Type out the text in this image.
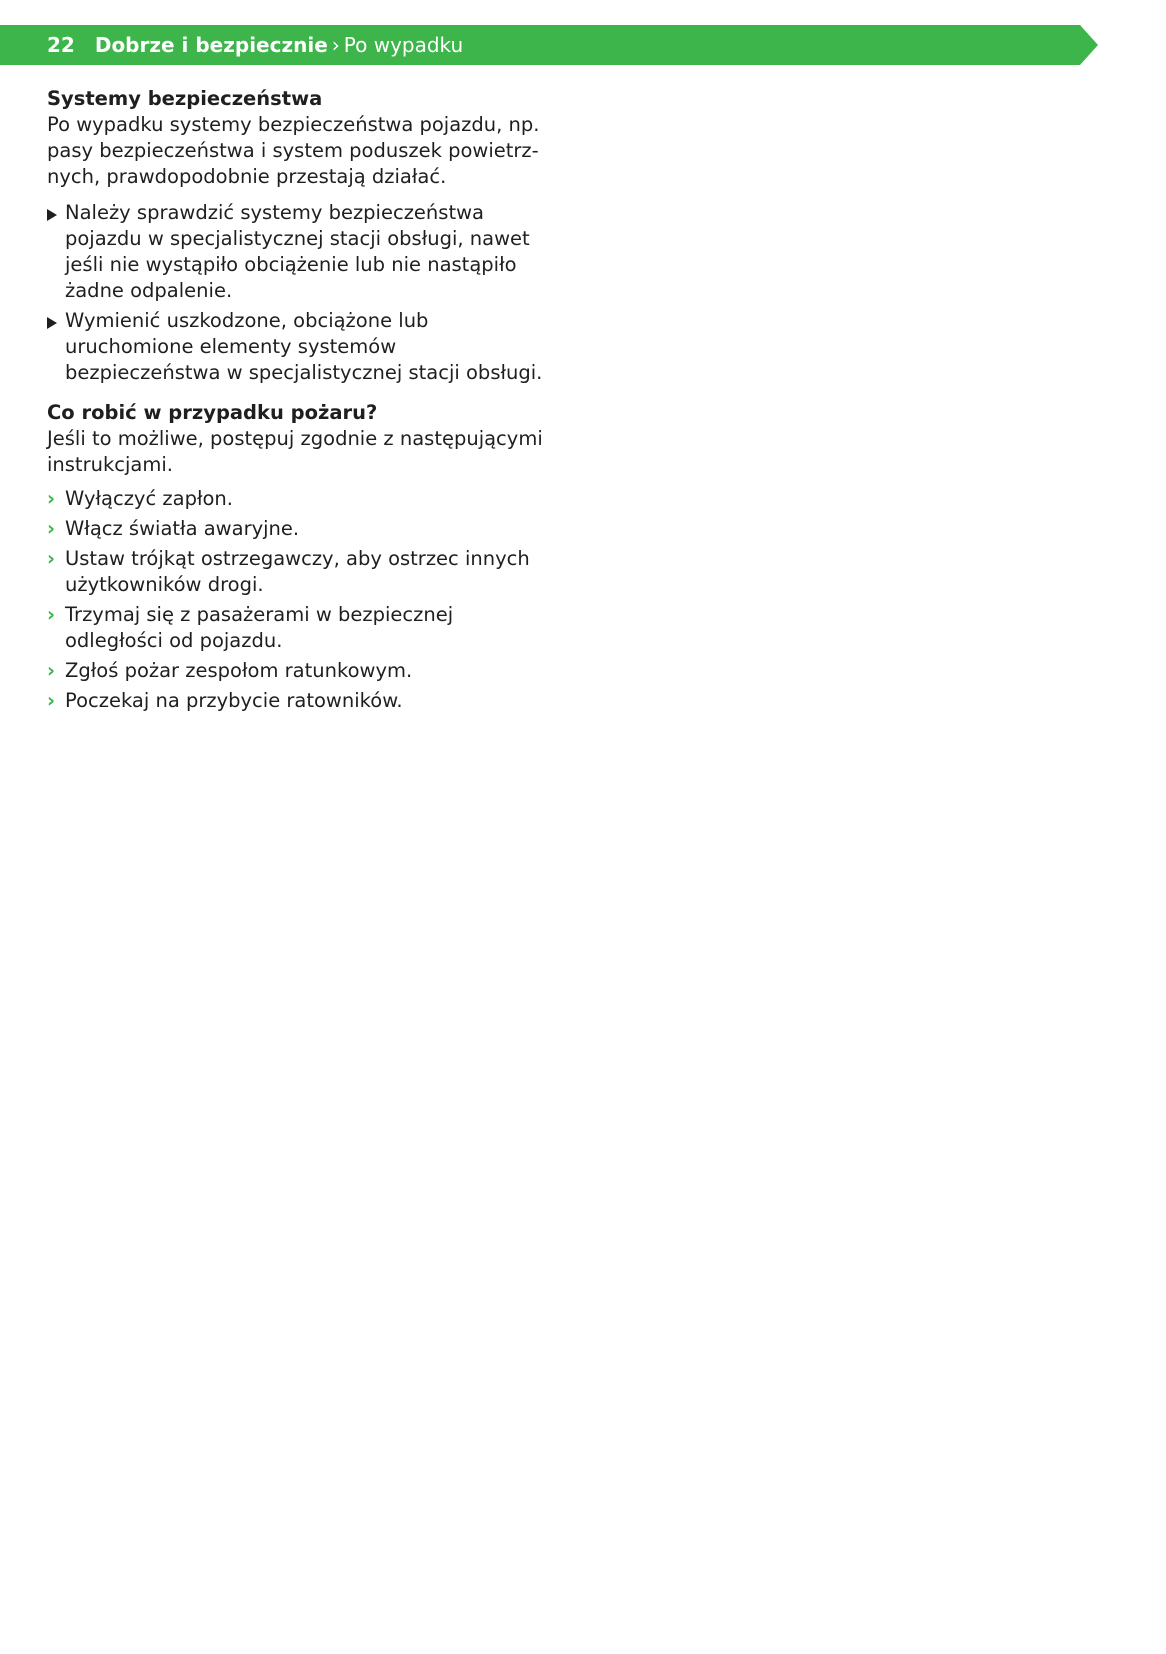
22 Dobrze i bezpiecznie › Po wypadku

Systemy bezpieczeństwa

Po wypadku systemy bezpieczeństwa pojazdu, np. pasy bezpieczeństwa i system poduszek powietrznych, prawdopodobnie przestają działać.

Należy sprawdzić systemy bezpieczeństwa pojazdu w specjalistycznej stacji obsługi, nawet jeśli nie wystąpiło obciążenie lub nie nastąpiło żadne odpalenie.
Wymienić uszkodzone, obciążone lub uruchomione elementy systemów bezpieczeństwa w specjalistycznej stacji obsługi.

Co robić w przypadku pożaru?

Jeśli to możliwe, postępuj zgodnie z następującymi instrukcjami.

› Wyłączyć zapłon.
› Włącz światła awaryjne.
› Ustaw trójkąt ostrzegawczy, aby ostrzec innych użytkowników drogi.
› Trzymaj się z pasażerami w bezpiecznej odległości od pojazdu.
› Zgłoś pożar zespołom ratunkowym.
› Poczekaj na przybycie ratowników.
